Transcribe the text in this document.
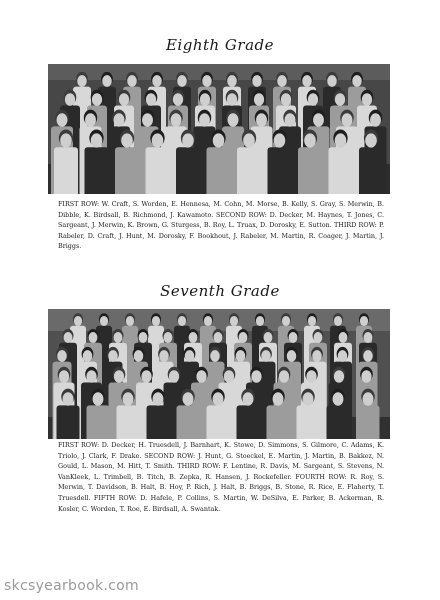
Eighth Grade

FIRST ROW: W. Craft, S. Worden, E. Hennesa, M. Cohn, M. Morse, B. Kelly, S. Gray, S. Merwin, B. Dibble, K. Birdsall, B. Richmond, J. Kawamoto. SECOND ROW: D. Decker, M. Haynes, T. Jones, C. Sargeant, J. Merwin, K. Brown, G. Sturgess, B. Roy, L. Truax, D. Dorosky, E. Sutton. THIRD ROW: P. Rabeler, D. Craft, J. Hunt, M. Dorosky, F. Bookhout, J. Rabeler, M. Martin, R. Coager, J. Martin, J. Briggs.

Seventh Grade

FIRST ROW: D. Decker, H. Truesdell, J. Barnhart, K. Stowe, D. Simmons, S. Gilmore, C. Adams, K. Triolo, J. Clark, F. Drake. SECOND ROW: J. Hunt, G. Stoeckel, E. Martin, J. Martin, B. Bakkez, N. Gould, L. Mason, M. Hitt, T. Smith. THIRD ROW: F. Lentine, R. Davis, M. Sargeant, S. Stevens, N. VanKleek, L. Trimbell, B. Titch, B. Zepka, R. Hansen, J. Rockefeller. FOURTH ROW: R. Roy, S. Merwin, T. Davidson, B. Halt, B. Hoy, P. Rich, J. Halt, B. Briggs, B. Stone, R. Rice, E. Flaherty, T. Truesdell. FIFTH ROW: D. Hafele, P. Collins, S. Martin, W. DeSilva, E. Parker, B. Ackerman, R. Kosler, C. Worden, T. Roe, E. Birdsall, A. Swantak.

skcsyearbook.com
